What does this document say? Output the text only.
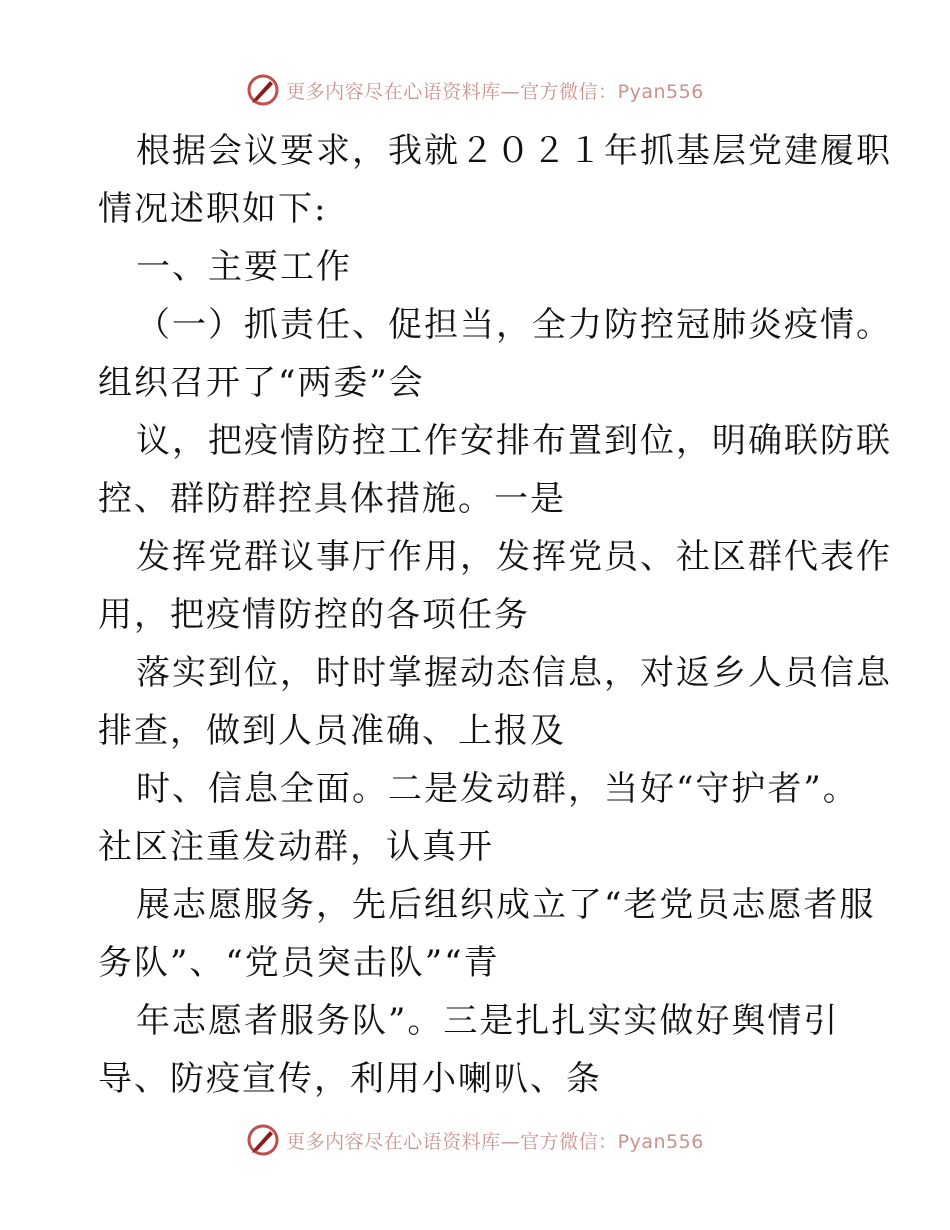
更多内容尽在心语资料库—官方微信：Pyan556
根据会议要求，我就２０２１年抓基层党建履职
情况述职如下:
一、主要工作
（一）抓责任、促担当，全力防控冠肺炎疫情。
组织召开了“两委”会
议，把疫情防控工作安排布置到位，明确联防联
控、群防群控具体措施。一是
发挥党群议事厅作用，发挥党员、社区群代表作
用，把疫情防控的各项任务
落实到位，时时掌握动态信息，对返乡人员信息
排查，做到人员准确、上报及
时、信息全面。二是发动群，当好“守护者”。
社区注重发动群，认真开
展志愿服务，先后组织成立了“老党员志愿者服
务队”、“党员突击队”“青
年志愿者服务队”。三是扎扎实实做好舆情引
导、防疫宣传，利用小喇叭、条
更多内容尽在心语资料库—官方微信：Pyan556
